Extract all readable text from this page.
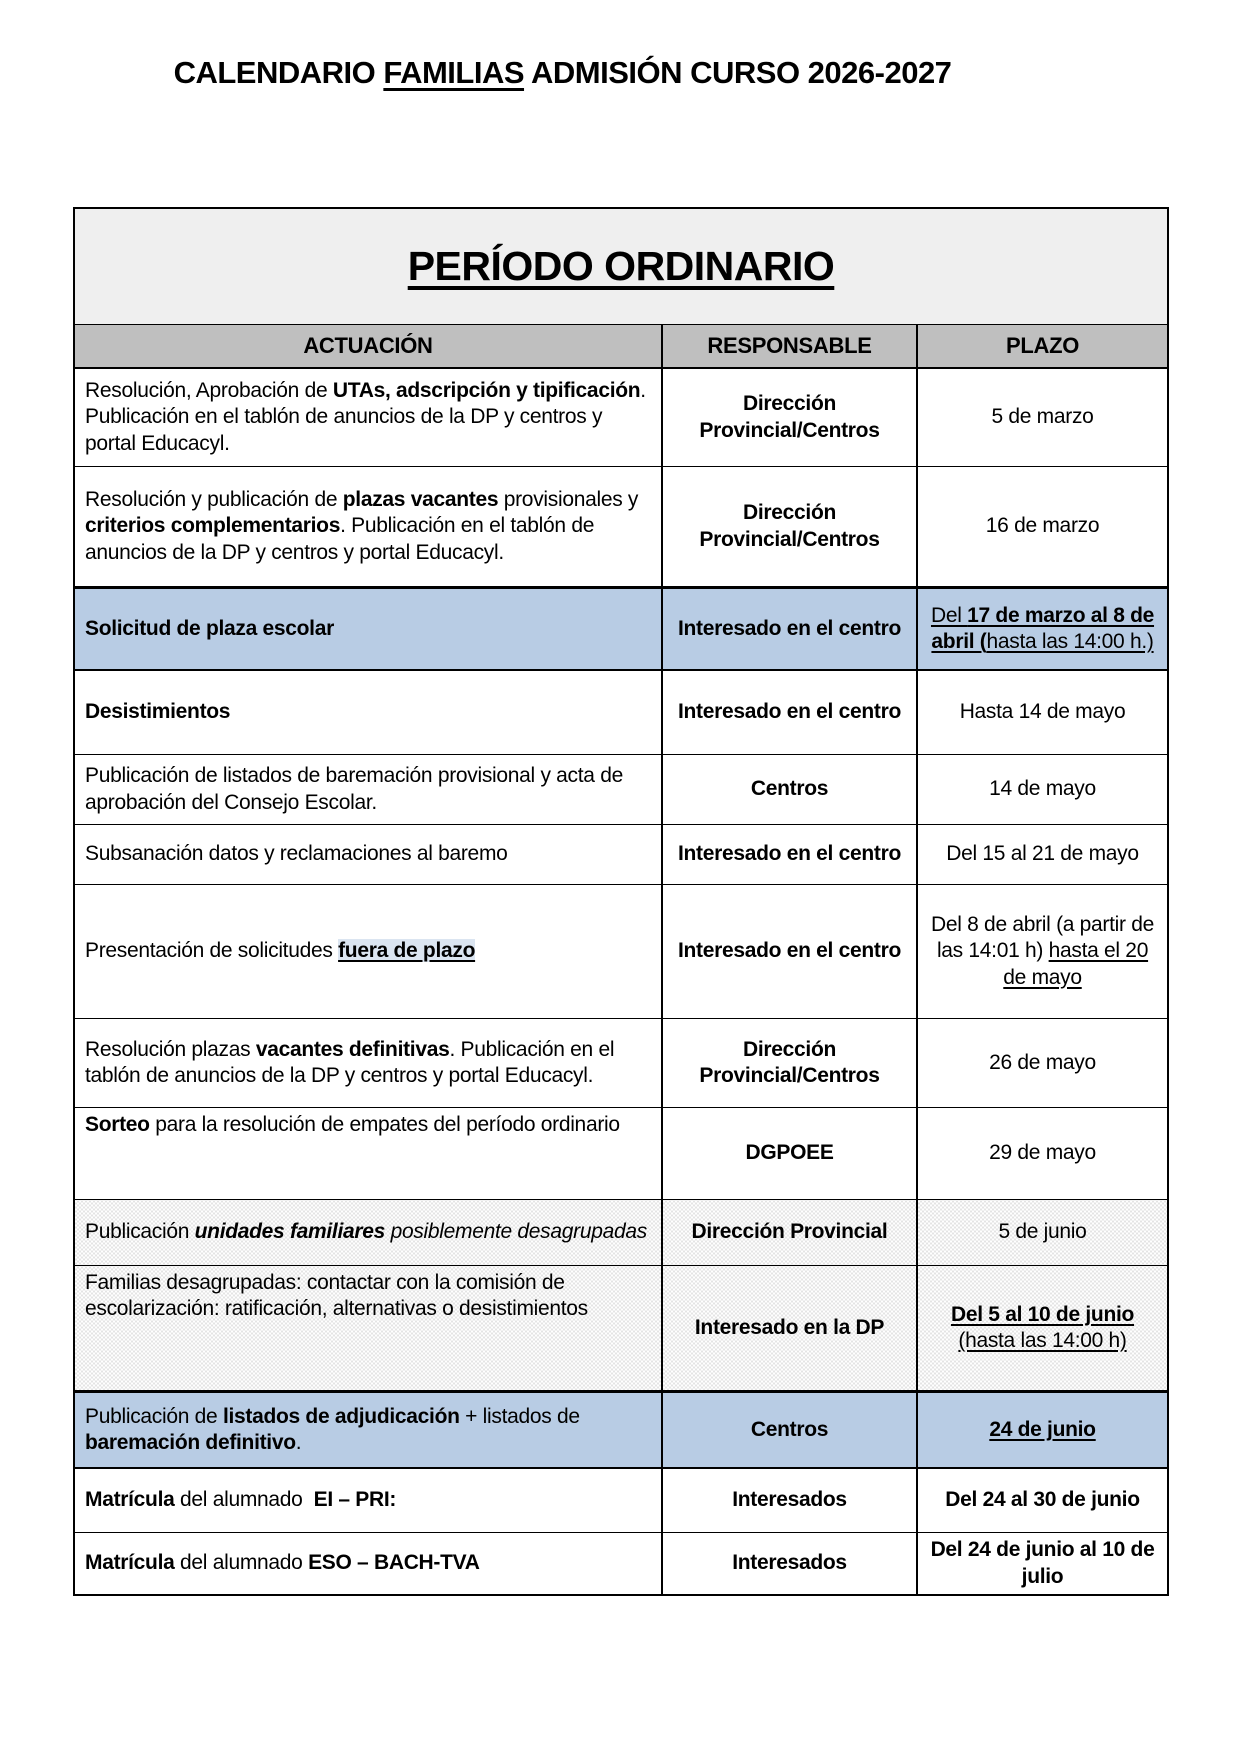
CALENDARIO FAMILIAS ADMISIÓN CURSO 2026-2027
PERÍODO ORDINARIO		
ACTUACIÓN	RESPONSABLE	PLAZO
Resolución, Aprobación de UTAs, adscripción y tipificación. Publicación en el tablón de anuncios de la DP y centros y portal Educacyl.	Dirección Provincial/Centros	5 de marzo
Resolución y publicación de plazas vacantes provisionales y criterios complementarios. Publicación en el tablón de anuncios de la DP y centros y portal Educacyl.	Dirección Provincial/Centros	16 de marzo
Solicitud de plaza escolar	Interesado en el centro	Del 17 de marzo al 8 de abril (hasta las 14:00 h.)
Desistimientos	Interesado en el centro	Hasta 14 de mayo
Publicación de listados de baremación provisional y acta de aprobación del Consejo Escolar.	Centros	14 de mayo
Subsanación datos y reclamaciones al baremo	Interesado en el centro	Del 15 al 21 de mayo
Presentación de solicitudes fuera de plazo	Interesado en el centro	Del 8 de abril (a partir de las 14:01 h) hasta el 20 de mayo
Resolución plazas vacantes definitivas. Publicación en el tablón de anuncios de la DP y centros y portal Educacyl.	Dirección Provincial/Centros	26 de mayo
Sorteo para la resolución de empates del período ordinario	DGPOEE	29 de mayo
Publicación unidades familiares posiblemente desagrupadas	Dirección Provincial	5 de junio
Familias desagrupadas: contactar con la comisión de escolarización: ratificación, alternativas o desistimientos	Interesado en la DP	Del 5 al 10 de junio (hasta las 14:00 h)
Publicación de listados de adjudicación + listados de baremación definitivo.	Centros	24 de junio
Matrícula del alumnado  EI – PRI:	Interesados	Del 24 al 30 de junio
Matrícula del alumnado ESO – BACH-TVA	Interesados	Del 24 de junio al 10 de julio
